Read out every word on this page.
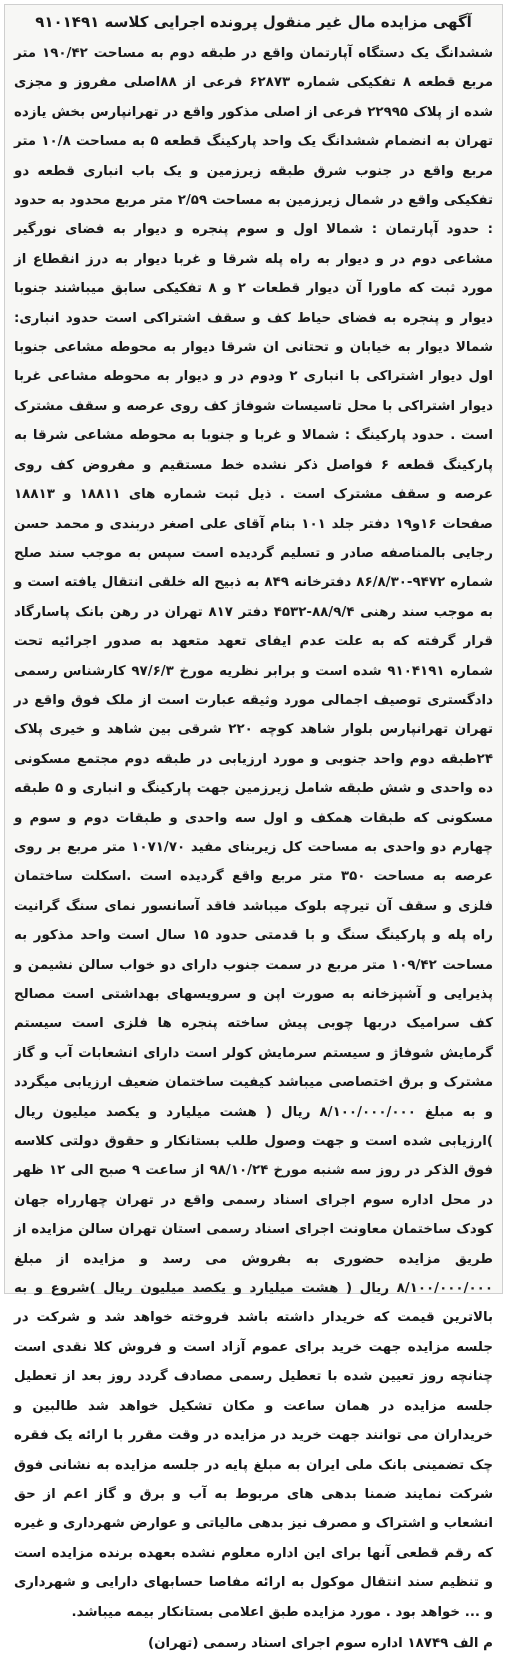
آگهی مزایده مال غیر منقول پرونده اجرایی کلاسه ۹۱۰۱۴۹۱
ششدانگ یک دستگاه آپارتمان واقع در طبقه دوم به مساحت ۱۹۰/۴۲ متر مربع قطعه ۸ تفکیکی شماره ۶۲۸۷۳ فرعی از ۸۸اصلی مفروز و مجزی شده از پلاک ۲۲۹۹۵ فرعی از اصلی مذکور واقع در تهرانپارس بخش یازده تهران به انضمام ششدانگ یک واحد پارکینگ قطعه ۵ به مساحت ۱۰/۸ متر مربع واقع در جنوب شرق طبقه زیرزمین و یک باب انباری قطعه دو تفکیکی واقع در شمال زیرزمین به مساحت ۲/۵۹ متر مربع محدود به حدود : حدود آپارتمان : شمالا اول و سوم پنجره و دیوار به فضای نورگیر مشاعی دوم در و دیوار به راه پله شرقا و غربا دیوار به درز انقطاع از مورد ثبت که ماورا آن دیوار قطعات ۲ و ۸ تفکیکی سابق میباشند جنوبا دیوار و پنجره به فضای حیاط کف و سقف اشتراکی است حدود انباری: شمالا دیوار به خیابان و تحتانی ان شرقا دیوار به محوطه مشاعی جنوبا اول دیوار اشتراکی با انباری ۲ ودوم در و دیوار به محوطه مشاعی غربا دیوار اشتراکی با محل تاسیسات شوفاژ کف روی عرصه و سقف مشترک است . حدود پارکینگ : شمالا و غربا و جنوبا به محوطه مشاعی شرقا به پارکینگ قطعه ۶ فواصل ذکر نشده خط مستقیم و مفروض کف روی عرصه و سقف مشترک است . ذیل ثبت شماره های ۱۸۸۱۱ و ۱۸۸۱۳ صفحات ۱۶و۱۹ دفتر جلد ۱۰۱ بنام آقای علی اصغر دربندی و محمد حسن رجایی بالمناصفه صادر و تسلیم گردیده است سپس به موجب سند صلح شماره ۹۴۷۲-۸۶/۸/۳۰ دفترخانه ۸۴۹ به ذبیح اله خلقی انتقال یافته است و به موجب سند رهنی ۸۸/۹/۴-۴۵۳۲ دفتر ۸۱۷ تهران در رهن بانک پاسارگاد قرار گرفته که به علت عدم ایفای تعهد متعهد به صدور اجرائیه تحت شماره ۹۱۰۴۱۹۱ شده است و برابر نظریه مورخ ۹۷/۶/۳ کارشناس رسمی دادگستری توصیف اجمالی مورد وثیقه عبارت است از ملک فوق واقع در تهران تهرانپارس بلوار شاهد کوچه ۲۲۰ شرقی بین شاهد و خیری پلاک ۲۴طبقه دوم واحد جنوبی و مورد ارزیابی در طبقه دوم مجتمع مسکونی ده واحدی و شش طبقه شامل زیرزمین جهت پارکینگ و انباری و ۵ طبقه مسکونی که طبقات همکف و اول سه واحدی و طبقات دوم و سوم و چهارم دو واحدی به مساحت کل زیربنای مفید ۱۰۷۱/۷۰ متر مربع بر روی عرصه به مساحت ۳۵۰ متر مربع واقع گردیده است .اسکلت ساختمان فلزی و سقف آن تیرچه بلوک میباشد فاقد آسانسور نمای سنگ گرانیت راه پله و پارکینگ سنگ و با قدمتی حدود ۱۵ سال است واحد مذکور به مساحت ۱۰۹/۴۲ متر مربع در سمت جنوب دارای دو خواب سالن نشیمن و پذیرایی و آشپزخانه به صورت اپن و سرویسهای بهداشتی است مصالح کف سرامیک دربها چوبی پیش ساخته پنجره ها فلزی است سیستم گرمایش شوفاژ و سیستم سرمایش کولر است دارای انشعابات آب و گاز مشترک و برق اختصاصی میباشد کیفیت ساختمان ضعیف ارزیابی میگردد و به مبلغ ۸/۱۰۰/۰۰۰/۰۰۰ ریال ( هشت میلیارد و یکصد میلیون ریال )ارزیابی شده است و جهت وصول طلب بستانکار و حقوق دولتی کلاسه فوق الذکر در روز سه شنبه مورخ ۹۸/۱۰/۲۴ از ساعت ۹ صبح الی ۱۲ ظهر در محل اداره سوم اجرای اسناد رسمی واقع در تهران چهارراه جهان کودک ساختمان معاونت اجرای اسناد رسمی استان تهران سالن مزایده از طریق مزایده حضوری به بفروش می رسد و مزایده از مبلغ ۸/۱۰۰/۰۰۰/۰۰۰ ریال ( هشت میلیارد و یکصد میلیون ریال )شروع و به بالاترین قیمت که خریدار داشته باشد فروخته خواهد شد و شرکت در جلسه مزایده جهت خرید برای عموم آزاد است و فروش کلا نقدی است چنانچه روز تعیین شده با تعطیل رسمی مصادف گردد روز بعد از تعطیل جلسه مزایده در همان ساعت و مکان تشکیل خواهد شد طالبین و خریداران می توانند جهت خرید در مزایده در وقت مقرر با ارائه یک فقره چک تضمینی بانک ملی ایران به مبلغ پایه در جلسه مزایده به نشانی فوق شرکت نمایند ضمنا بدهی های مربوط به آب و برق و گاز اعم از حق انشعاب و اشتراک و مصرف نیز بدهی مالیاتی و عوارض شهرداری و غیره که رقم قطعی آنها برای این اداره معلوم نشده بعهده برنده مزایده است و تنظیم سند انتقال موکول به ارائه مفاصا حسابهای دارایی و شهرداری و ... خواهد بود . مورد مزایده طبق اعلامی بستانکار بیمه میباشد.
م الف ۱۸۷۴۹ اداره سوم اجرای اسناد رسمی (تهران)
